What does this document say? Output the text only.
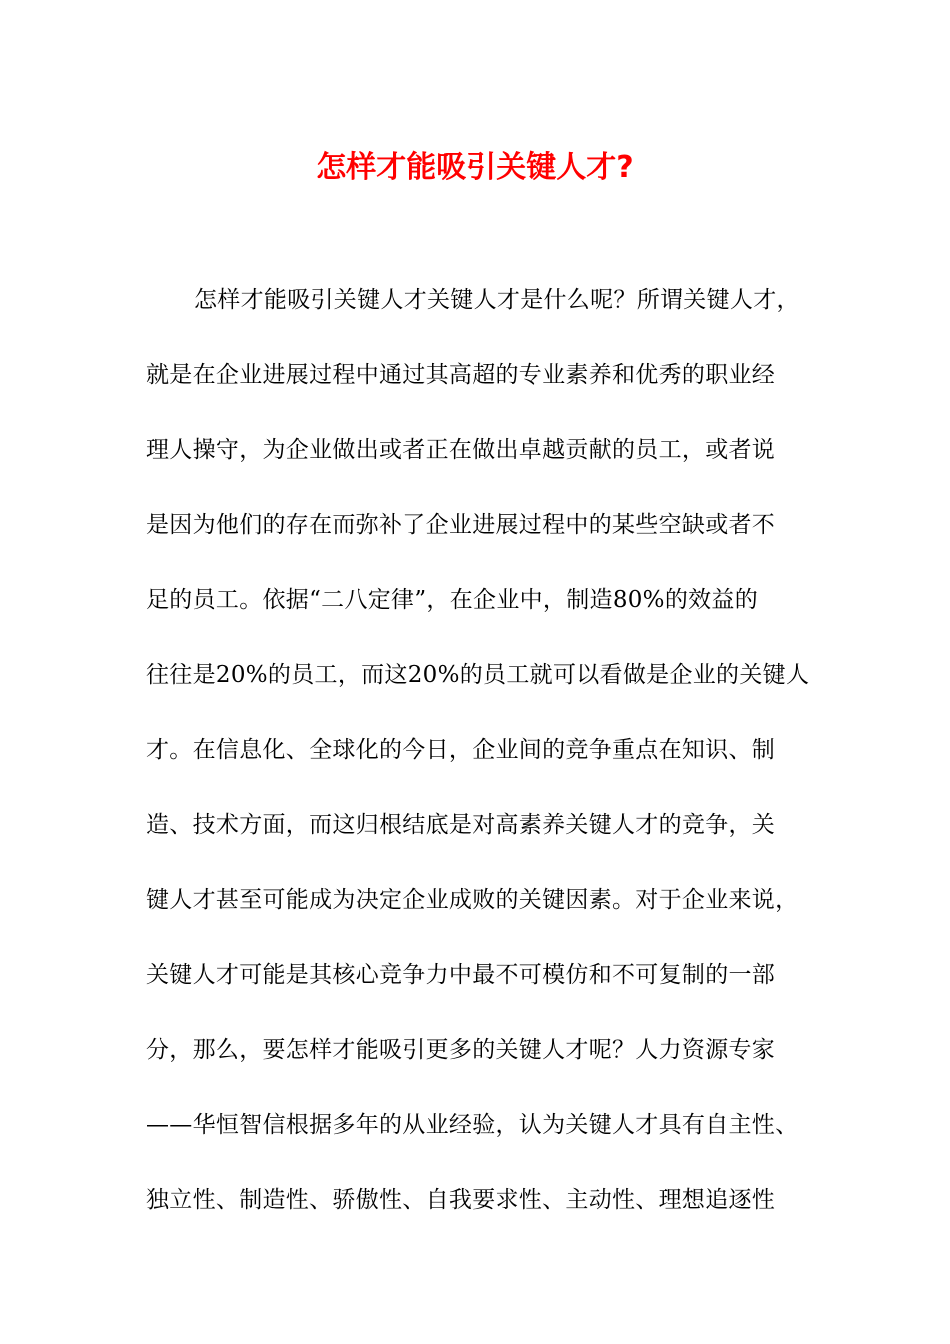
怎样才能吸引关键人才?
怎样才能吸引关键人才关键人才是什么呢？所谓关键人才，
就是在企业进展过程中通过其高超的专业素养和优秀的职业经
理人操守，为企业做出或者正在做出卓越贡献的员工，或者说
是因为他们的存在而弥补了企业进展过程中的某些空缺或者不
足的员工。依据“二八定律”，在企业中，制造80%的效益的
往往是20%的员工，而这20%的员工就可以看做是企业的关键人
才。在信息化、全球化的今日，企业间的竞争重点在知识、制
造、技术方面，而这归根结底是对高素养关键人才的竞争，关
键人才甚至可能成为决定企业成败的关键因素。对于企业来说，
关键人才可能是其核心竞争力中最不可模仿和不可复制的一部
分，那么，要怎样才能吸引更多的关键人才呢？人力资源专家
——华恒智信根据多年的从业经验，认为关键人才具有自主性、
独立性、制造性、骄傲性、自我要求性、主动性、理想追逐性
